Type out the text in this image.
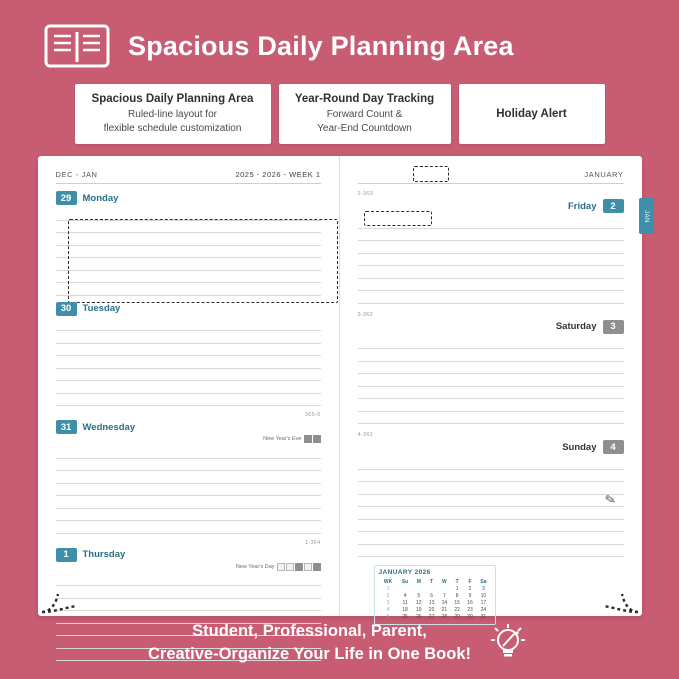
Spacious Daily Planning Area
Spacious Daily Planning Area
Ruled-line layout for
flexible schedule customization
Year-Round Day Tracking
Forward Count &
Year-End Countdown
Holiday Alert
DEC - JAN	2025 - 2026 - WEEK 1
29	Monday
30	Tuesday
365-0
31	Wednesday
New Year's Eve
1-364
1	Thursday
New Year's Day

JANUARY
2-363
Friday	2
3-362
Saturday	3
4-361
Sunday	4
✎
JANUARY 2026
WK	Su	M	T	W	T	F	Sa
1					1	2	3
2	4	5	6	7	8	9	10
3	11	12	13	14	15	16	17
4	18	19	20	21	22	23	24
5	25	26	27	28	29	30	31
JAN
Student, Professional, Parent,
Creative-Organize Your Life in One Book!
